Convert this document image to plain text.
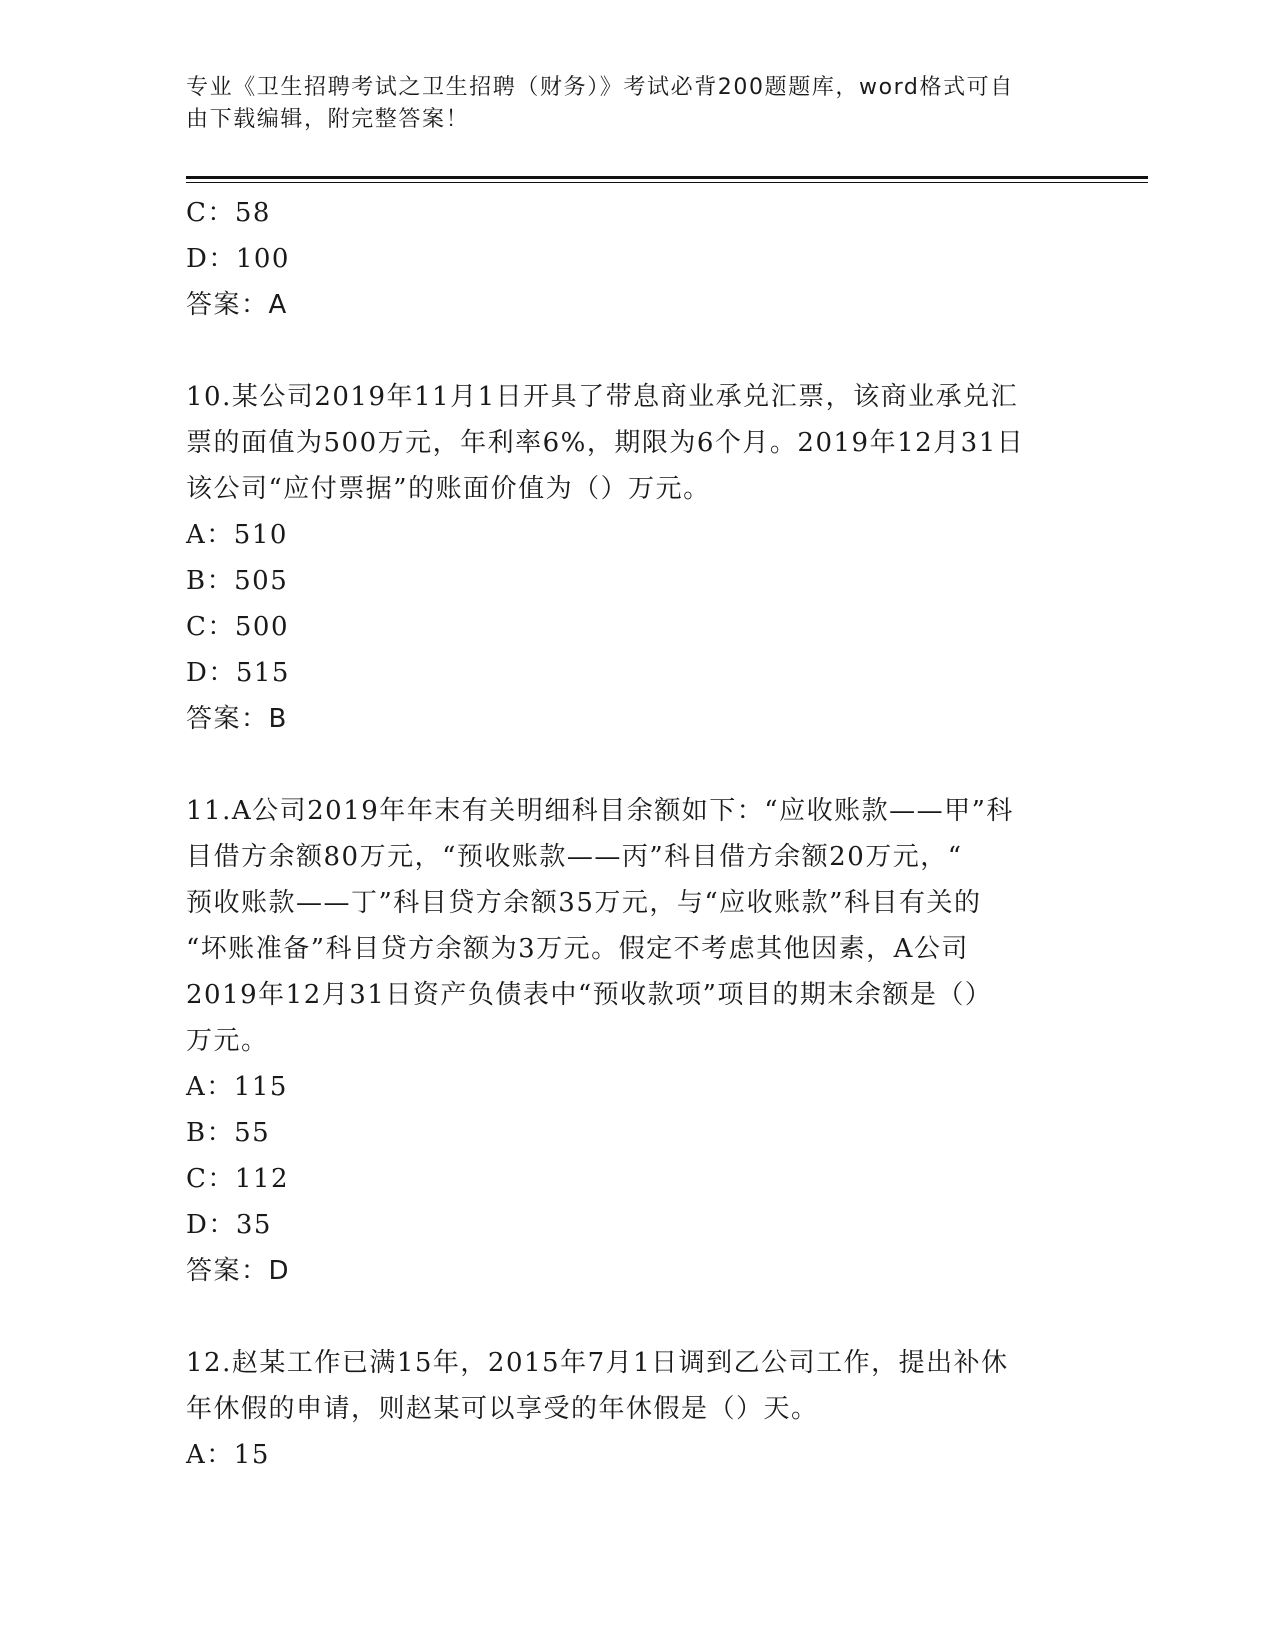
专业《卫生招聘考试之卫生招聘（财务）》考试必背200题题库，word格式可自
由下载编辑，附完整答案！
C：58
D：100
答案：A
10.某公司2019年11月1日开具了带息商业承兑汇票，该商业承兑汇
票的面值为500万元，年利率6%，期限为6个月。2019年12月31日
该公司“应付票据”的账面价值为（）万元。
A：510
B：505
C：500
D：515
答案：B
11.A公司2019年年末有关明细科目余额如下：“应收账款——甲”科
目借方余额80万元，“预收账款——丙”科目借方余额20万元，“
预收账款——丁”科目贷方余额35万元，与“应收账款”科目有关的
“坏账准备”科目贷方余额为3万元。假定不考虑其他因素，A公司
2019年12月31日资产负债表中“预收款项”项目的期末余额是（）
万元。
A：115
B：55
C：112
D：35
答案：D
12.赵某工作已满15年，2015年7月1日调到乙公司工作，提出补休
年休假的申请，则赵某可以享受的年休假是（）天。
A：15
